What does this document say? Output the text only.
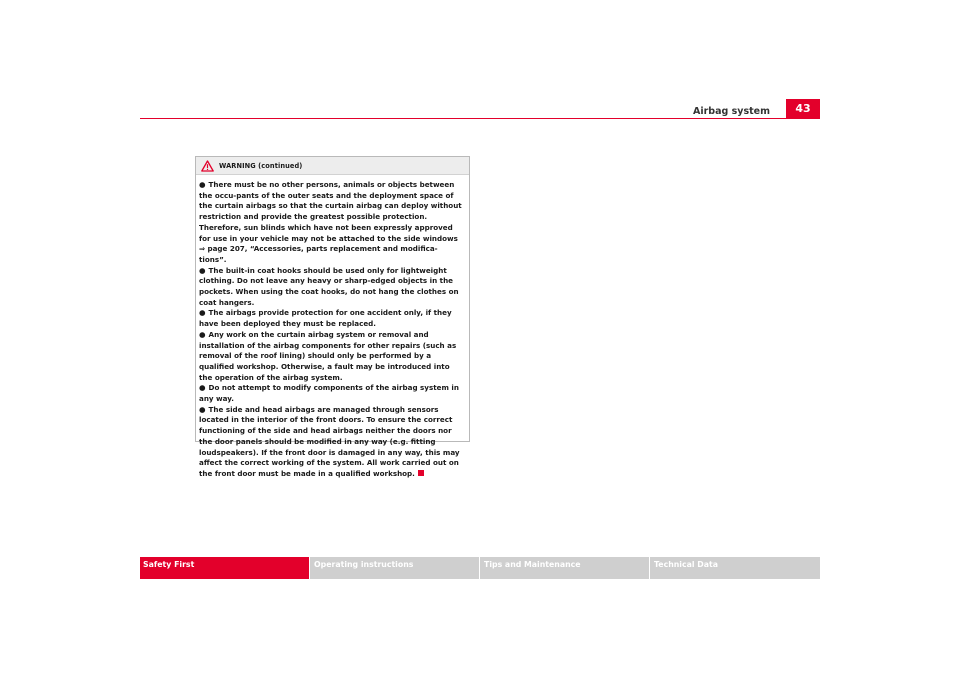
Airbag system	43
WARNING (continued)

● There must be no other persons, animals or objects between the occu-pants of the outer seats and the deployment space of the curtain airbags so that the curtain airbag can deploy without restriction and provide the greatest possible protection. Therefore, sun blinds which have not been expressly approved for use in your vehicle may not be attached to the side windows ⇒ page 207, “Accessories, parts replacement and modifica-tions”.

● The built-in coat hooks should be used only for lightweight clothing. Do not leave any heavy or sharp-edged objects in the pockets. When using the coat hooks, do not hang the clothes on coat hangers.

● The airbags provide protection for one accident only, if they have been deployed they must be replaced.

● Any work on the curtain airbag system or removal and installation of the airbag components for other repairs (such as removal of the roof lining) should only be performed by a qualified workshop. Otherwise, a fault may be introduced into the operation of the airbag system.

● Do not attempt to modify components of the airbag system in any way.

● The side and head airbags are managed through sensors located in the interior of the front doors. To ensure the correct functioning of the side and head airbags neither the doors nor the door panels should be modified in any way (e.g. fitting loudspeakers). If the front door is damaged in any way, this may affect the correct working of the system. All work carried out on the front door must be made in a qualified workshop.

Safety First	Operating instructions	Tips and Maintenance	Technical Data
